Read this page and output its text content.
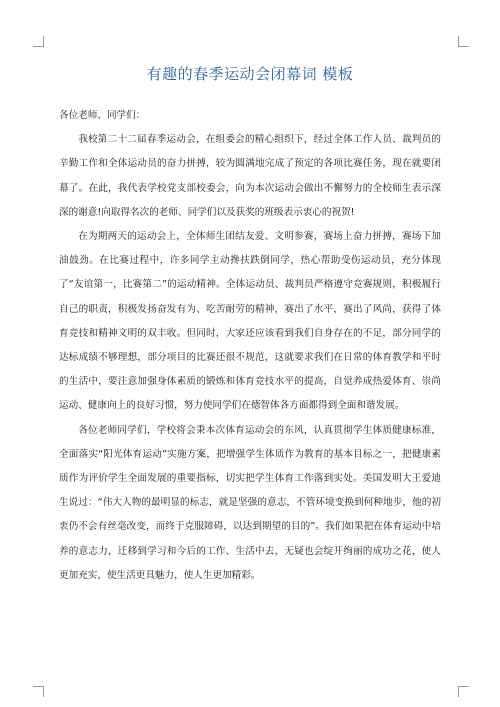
有趣的春季运动会闭幕词 模板

各位老师、同学们：

我校第二十二届春季运动会，在组委会的精心组织下，经过全体工作人员、裁判员的辛勤工作和全体运动员的奋力拼搏，较为圆满地完成了预定的各项比赛任务，现在就要闭幕了。在此，我代表学校党支部校委会，向为本次运动会做出不懈努力的全校师生表示深深的谢意!向取得名次的老师、同学们以及获奖的班级表示衷心的祝贺!

在为期两天的运动会上，全体师生团结友爱、文明参赛，赛场上奋力拼搏，赛场下加油鼓劲。在比赛过程中，许多同学主动搀扶跌倒同学，热心帮助受伤运动员，充分体现了“友谊第一，比赛第二”的运动精神。全体运动员、裁判员严格遵守竞赛规则，积极履行自己的职责，积极发扬奋发有为、吃苦耐劳的精神，赛出了水平，赛出了风尚，获得了体育竞技和精神文明的双丰收。但同时，大家还应该看到我们自身存在的不足，部分同学的达标成绩不够理想，部分项目的比赛还很不规范，这就要求我们在日常的体育教学和平时的生活中，要注意加强身体素质的锻炼和体育竞技水平的提高，自觉养成热爱体育、崇尚运动、健康向上的良好习惯，努力使同学们在德智体各方面都得到全面和谐发展。

各位老师同学们，学校将会秉本次体育运动会的东风，认真贯彻学生体质健康标准，全面落实“阳光体育运动”实施方案，把增强学生体质作为教育的基本目标之一，把健康素质作为评价学生全面发展的重要指标，切实把学生体育工作落到实处。美国发明大王爱迪生说过：“伟大人物的最明显的标志，就是坚强的意志，不管环境变换到何种地步，他的初衷仍不会有丝毫改变，而终于克服障碍，以达到期望的目的”。我们如果把在体育运动中培养的意志力，迁移到学习和今后的工作、生活中去，无疑也会绽开绚丽的成功之花，使人更加充实，使生活更具魅力，使人生更加精彩。
